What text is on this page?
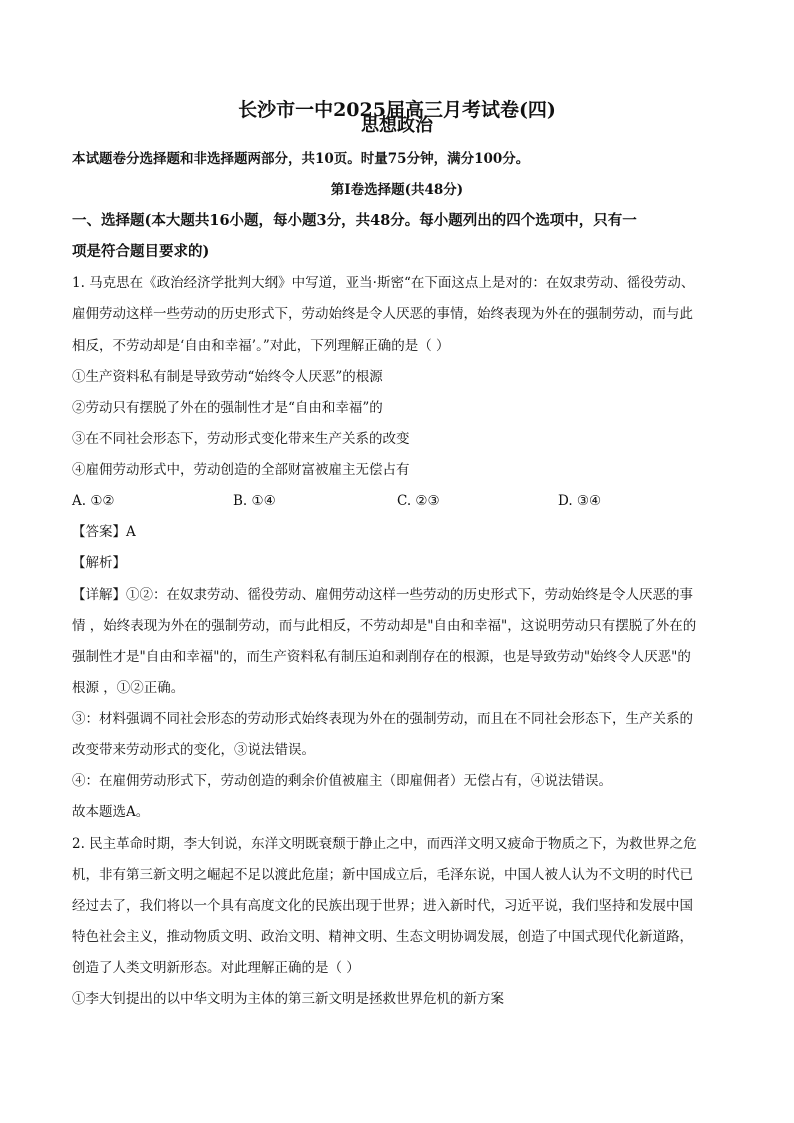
长沙市一中2025届高三月考试卷(四)
思想政治
本试题卷分选择题和非选择题两部分，共10页。时量75分钟，满分100分。
第Ⅰ卷选择题(共48分)
一、选择题(本大题共16小题，每小题3分，共48分。每小题列出的四个选项中，只有一
项是符合题目要求的)
1. 马克思在《政治经济学批判大纲》中写道，亚当·斯密“在下面这点上是对的：在奴隶劳动、徭役劳动、
雇佣劳动这样一些劳动的历史形式下，劳动始终是令人厌恶的事情，始终表现为外在的强制劳动，而与此
相反，不劳动却是‘自由和幸福’。”对此，下列理解正确的是（ ）
①生产资料私有制是导致劳动“始终令人厌恶”的根源
②劳动只有摆脱了外在的强制性才是“自由和幸福”的
③在不同社会形态下，劳动形式变化带来生产关系的改变
④雇佣劳动形式中，劳动创造的全部财富被雇主无偿占有
A. ①②	B. ①④	C. ②③	D. ③④
【答案】A
【解析】
【详解】①②：在奴隶劳动、徭役劳动、雇佣劳动这样一些劳动的历史形式下，劳动始终是令人厌恶的事
情 ，始终表现为外在的强制劳动，而与此相反，不劳动却是"自由和幸福"，这说明劳动只有摆脱了外在的
强制性才是"自由和幸福"的，而生产资料私有制压迫和剥削存在的根源，也是导致劳动"始终令人厌恶"的
根源 ，①②正确。
③：材料强调不同社会形态的劳动形式始终表现为外在的强制劳动，而且在不同社会形态下，生产关系的
改变带来劳动形式的变化，③说法错误。
④：在雇佣劳动形式下，劳动创造的剩余价值被雇主（即雇佣者）无偿占有，④说法错误。
故本题选A。
2. 民主革命时期，李大钊说，东洋文明既衰颓于静止之中，而西洋文明又疲命于物质之下，为救世界之危
机，非有第三新文明之崛起不足以渡此危崖；新中国成立后，毛泽东说，中国人被人认为不文明的时代已
经过去了，我们将以一个具有高度文化的民族出现于世界；进入新时代，习近平说，我们坚持和发展中国
特色社会主义，推动物质文明、政治文明、精神文明、生态文明协调发展，创造了中国式现代化新道路，
创造了人类文明新形态。对此理解正确的是（ ）
①李大钊提出的以中华文明为主体的第三新文明是拯救世界危机的新方案
